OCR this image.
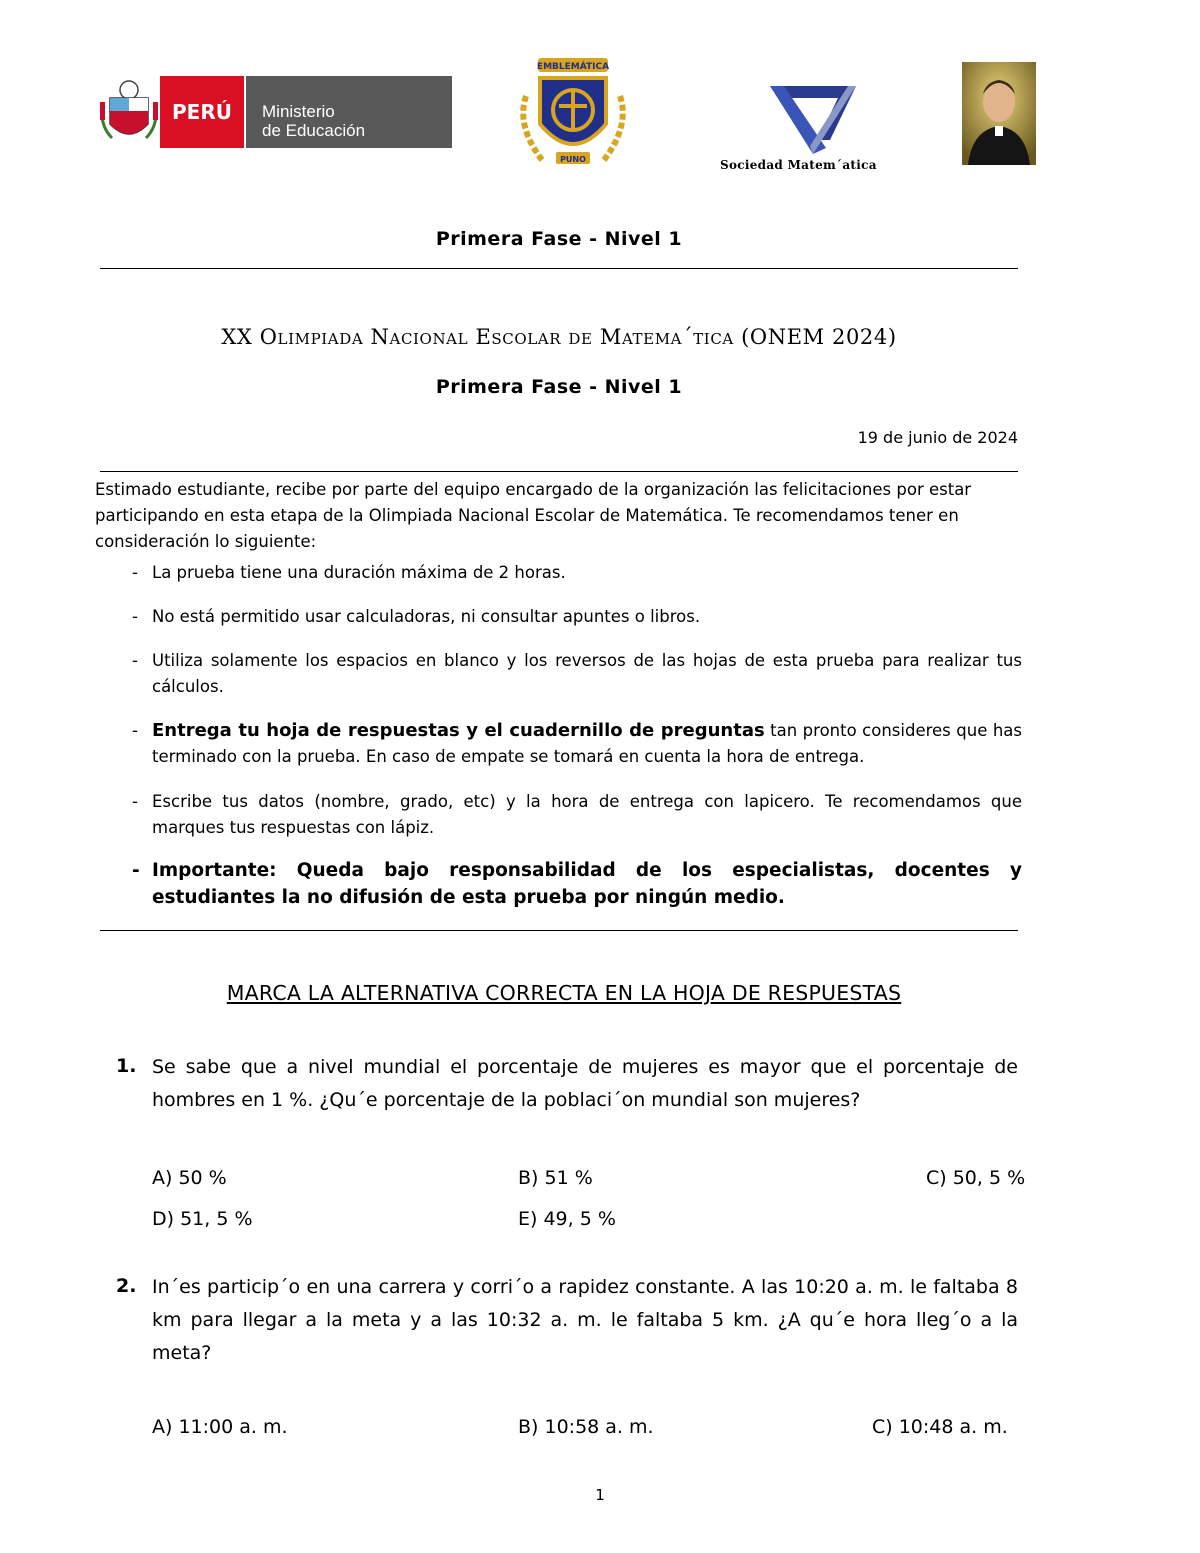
PERÚ	Ministerio
de Educación
EMBLEMÁTICA
PUNO	Sociedad Matem´atica
Primera Fase - Nivel 1
XX Olimpiada Nacional Escolar de Matema´tica (ONEM 2024)
Primera Fase - Nivel 1
19 de junio de 2024
Estimado estudiante, recibe por parte del equipo encargado de la organización las felicitaciones por estar participando en esta etapa de la Olimpiada Nacional Escolar de Matemática. Te recomendamos tener en consideración lo siguiente:
- La prueba tiene una duración máxima de 2 horas.
- No está permitido usar calculadoras, ni consultar apuntes o libros.
- Utiliza solamente los espacios en blanco y los reversos de las hojas de esta prueba para realizar tus cálculos.
- Entrega tu hoja de respuestas y el cuadernillo de preguntas tan pronto consideres que has terminado con la prueba. En caso de empate se tomará en cuenta la hora de entrega.
- Escribe tus datos (nombre, grado, etc) y la hora de entrega con lapicero. Te recomendamos que marques tus respuestas con lápiz.
- Importante: Queda bajo responsabilidad de los especialistas, docentes y estudiantes la no difusión de esta prueba por ningún medio.
MARCA LA ALTERNATIVA CORRECTA EN LA HOJA DE RESPUESTAS
1. Se sabe que a nivel mundial el porcentaje de mujeres es mayor que el porcentaje de hombres en 1 %. ¿Qu´e porcentaje de la poblaci´on mundial son mujeres?
A) 50 %	B) 51 %	C) 50, 5 %
D) 51, 5 %	E) 49, 5 %
2. In´es particip´o en una carrera y corri´o a rapidez constante. A las 10:20 a. m. le faltaba 8 km para llegar a la meta y a las 10:32 a. m. le faltaba 5 km. ¿A qu´e hora lleg´o a la meta?
A) 11:00 a. m.	B) 10:58 a. m.	C) 10:48 a. m.
1
